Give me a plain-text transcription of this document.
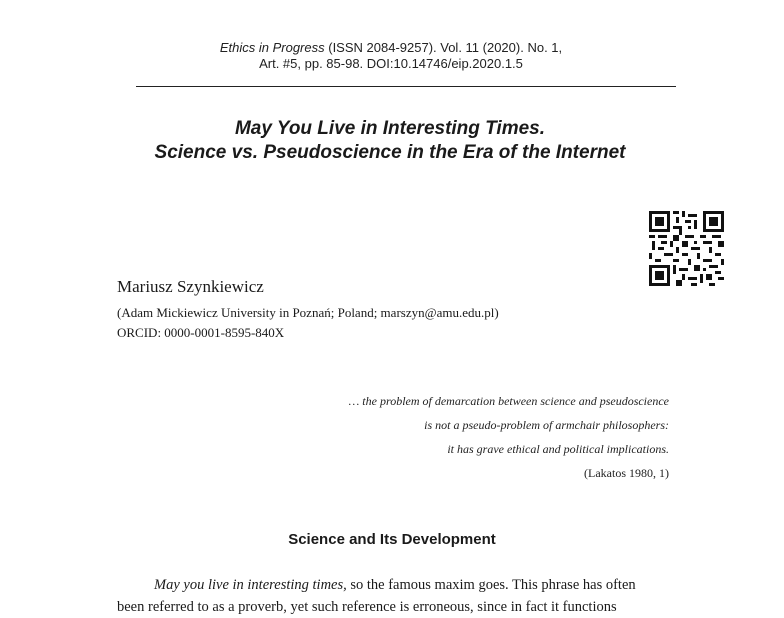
Ethics in Progress (ISSN 2084-9257). Vol. 11 (2020). No. 1,
Art. #5, pp. 85-98. DOI:10.14746/eip.2020.1.5
May You Live in Interesting Times.
Science vs. Pseudoscience in the Era of the Internet
Mariusz Szynkiewicz
(Adam Mickiewicz University in Poznań; Poland; marszyn@amu.edu.pl)
ORCID: 0000-0001-8595-840X
… the problem of demarcation between science and pseudoscience
is not a pseudo-problem of armchair philosophers:
it has grave ethical and political implications.
(Lakatos 1980, 1)
Science and Its Development
May you live in interesting times, so the famous maxim goes. This phrase has often
been referred to as a proverb, yet such reference is erroneous, since in fact it functions
